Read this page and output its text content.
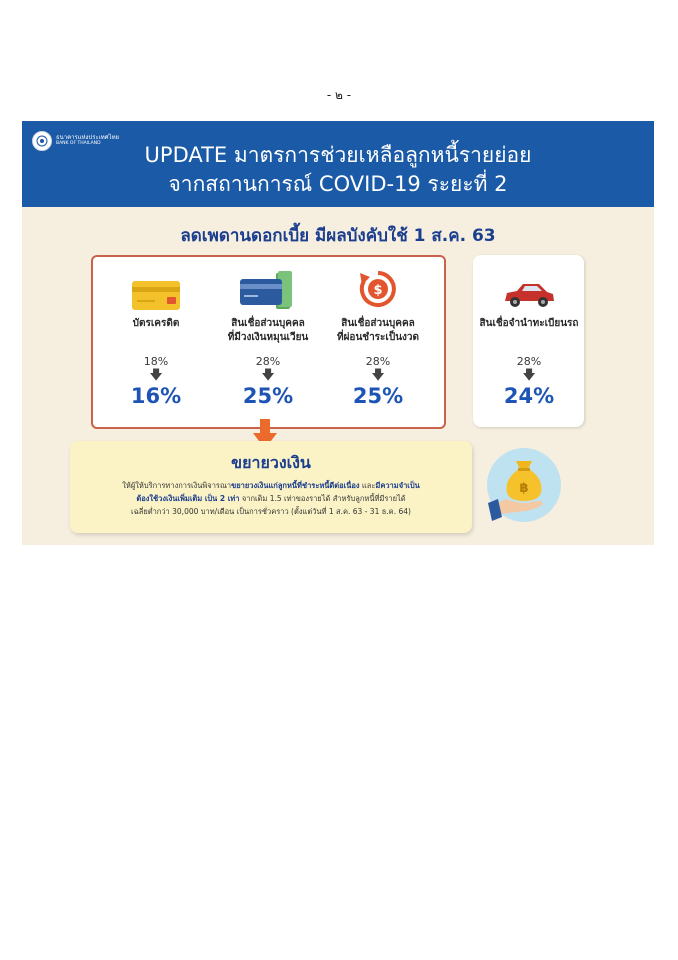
- ๒ -
ธนาคารแห่งประเทศไทย
BANK OF THAILAND	UPDATE มาตรการช่วยเหลือลูกหนี้รายย่อย
จากสถานการณ์ COVID-19 ระยะที่ 2
ลดเพดานดอกเบี้ย มีผลบังคับใช้ 1 ส.ค. 63
บัตรเครดิต
18%
🡇
16%
สินเชื่อส่วนบุคคล
ที่มีวงเงินหมุนเวียน
28%
🡇
25%
$
สินเชื่อส่วนบุคคล
ที่ผ่อนชำระเป็นงวด
28%
🡇
25%
สินเชื่อจำนำทะเบียนรถ
28%
🡇
24%
ขยายวงเงิน
ให้ผู้ให้บริการทางการเงินพิจารณาขยายวงเงินแก่ลูกหนี้ที่ชำระหนี้ดีต่อเนื่อง และมีความจำเป็น
ต้องใช้วงเงินเพิ่มเติม เป็น 2 เท่า จากเดิม 1.5 เท่าของรายได้ สำหรับลูกหนี้ที่มีรายได้
เฉลี่ยต่ำกว่า 30,000 บาท/เดือน เป็นการชั่วคราว (ตั้งแต่วันที่ 1 ส.ค. 63 - 31 ธ.ค. 64)
฿
